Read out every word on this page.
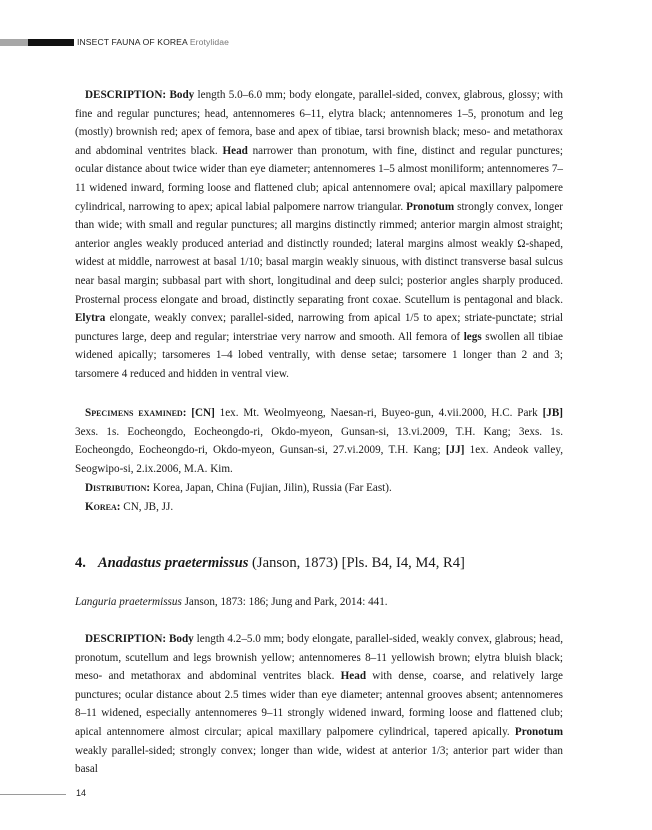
INSECT FAUNA OF KOREA Erotylidae

DESCRIPTION: Body length 5.0–6.0 mm; body elongate, parallel-sided, convex, glabrous, glossy; with fine and regular punctures; head, antennomeres 6–11, elytra black; antennomeres 1–5, pronotum and leg (mostly) brownish red; apex of femora, base and apex of tibiae, tarsi brownish black; meso- and metathorax and abdominal ventrites black. Head narrower than pronotum, with fine, distinct and regular punctures; ocular distance about twice wider than eye diameter; antennomeres 1–5 almost moniliform; antennomeres 7–11 widened inward, forming loose and flattened club; apical antennomere oval; apical maxillary palpomere cylindrical, narrowing to apex; apical labial palpomere narrow triangular. Pronotum strongly convex, longer than wide; with small and regular punctures; all margins distinctly rimmed; anterior margin almost straight; anterior angles weakly produced anteriad and distinctly rounded; lateral margins almost weakly Ω-shaped, widest at middle, narrowest at basal 1/10; basal margin weakly sinuous, with distinct transverse basal sulcus near basal margin; subbasal part with short, longitudinal and deep sulci; posterior angles sharply produced. Prosternal process elongate and broad, distinctly separating front coxae. Scutellum is pentagonal and black. Elytra elongate, weakly convex; parallel-sided, narrowing from apical 1/5 to apex; striate-punctate; strial punctures large, deep and regular; interstriae very narrow and smooth. All femora of legs swollen all tibiae widened apically; tarsomeres 1–4 lobed ventrally, with dense setae; tarsomere 1 longer than 2 and 3; tarsomere 4 reduced and hidden in ventral view.

Specimens examined: [CN] 1ex. Mt. Weolmyeong, Naesan-ri, Buyeo-gun, 4.vii.2000, H.C. Park [JB] 3exs. 1s. Eocheongdo, Eocheongdo-ri, Okdo-myeon, Gunsan-si, 13.vi.2009, T.H. Kang; 3exs. 1s. Eocheongdo, Eocheongdo-ri, Okdo-myeon, Gunsan-si, 27.vi.2009, T.H. Kang; [JJ] 1ex. Andeok valley, Seogwipo-si, 2.ix.2006, M.A. Kim.

Distribution: Korea, Japan, China (Fujian, Jilin), Russia (Far East).
Korea: CN, JB, JJ.
4. Anadastus praetermissus (Janson, 1873) [Pls. B4, I4, M4, R4]
Languria praetermissus Janson, 1873: 186; Jung and Park, 2014: 441.

DESCRIPTION: Body length 4.2–5.0 mm; body elongate, parallel-sided, weakly convex, glabrous; head, pronotum, scutellum and legs brownish yellow; antennomeres 8–11 yellowish brown; elytra bluish black; meso- and metathorax and abdominal ventrites black. Head with dense, coarse, and relatively large punctures; ocular distance about 2.5 times wider than eye diameter; antennal grooves absent; antennomeres 8–11 widened, especially antennomeres 9–11 strongly widened inward, forming loose and flattened club; apical antennomere almost circular; apical maxillary palpomere cylindrical, tapered apically. Pronotum weakly parallel-sided; strongly convex; longer than wide, widest at anterior 1/3; anterior part wider than basal

14
